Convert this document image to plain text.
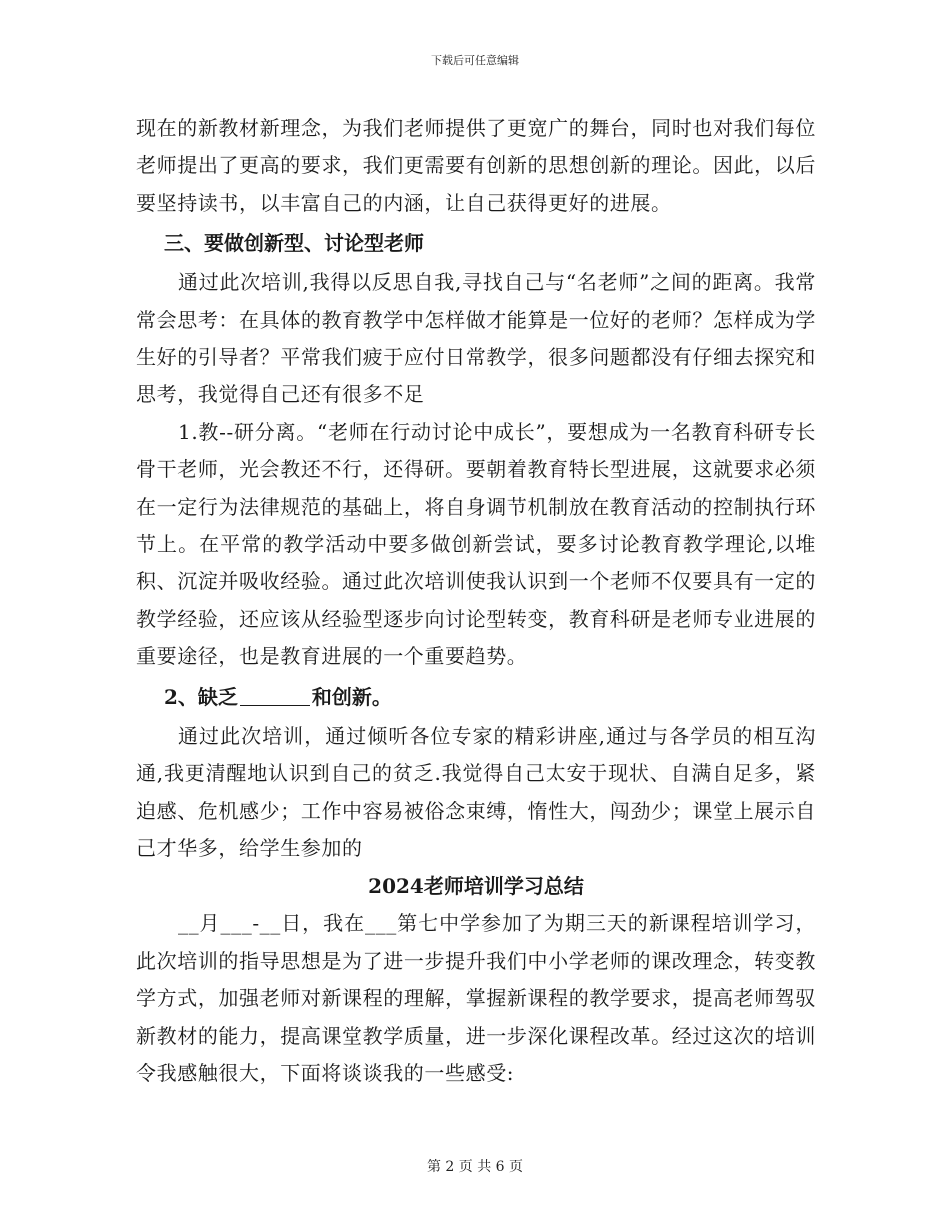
下载后可任意编辑

现在的新教材新理念，为我们老师提供了更宽广的舞台，同时也对我们每位老师提出了更高的要求，我们更需要有创新的思想创新的理论。因此，以后要坚持读书，以丰富自己的内涵，让自己获得更好的进展。

三、要做创新型、讨论型老师

通过此次培训,我得以反思自我,寻找自己与“名老师”之间的距离。我常常会思考：在具体的教育教学中怎样做才能算是一位好的老师？怎样成为学生好的引导者？平常我们疲于应付日常教学，很多问题都没有仔细去探究和思考，我觉得自己还有很多不足

1.教--研分离。“老师在行动讨论中成长”，要想成为一名教育科研专长骨干老师，光会教还不行，还得研。要朝着教育特长型进展，这就要求必须在一定行为法律规范的基础上，将自身调节机制放在教育活动的控制执行环节上。在平常的教学活动中要多做创新尝试，要多讨论教育教学理论,以堆积、沉淀并吸收经验。通过此次培训使我认识到一个老师不仅要具有一定的教学经验，还应该从经验型逐步向讨论型转变，教育科研是老师专业进展的重要途径，也是教育进展的一个重要趋势。

2、缺乏	和创新。

通过此次培训，通过倾听各位专家的精彩讲座,通过与各学员的相互沟通,我更清醒地认识到自己的贫乏.我觉得自己太安于现状、自满自足多，紧迫感、危机感少；工作中容易被俗念束缚，惰性大，闯劲少；课堂上展示自己才华多，给学生参加的

2024老师培训学习总结

__月___-__日，我在___第七中学参加了为期三天的新课程培训学习，此次培训的指导思想是为了进一步提升我们中小学老师的课改理念，转变教学方式，加强老师对新课程的理解，掌握新课程的教学要求，提高老师驾驭新教材的能力，提高课堂教学质量，进一步深化课程改革。经过这次的培训令我感触很大，下面将谈谈我的一些感受:

第 2 页 共 6 页
